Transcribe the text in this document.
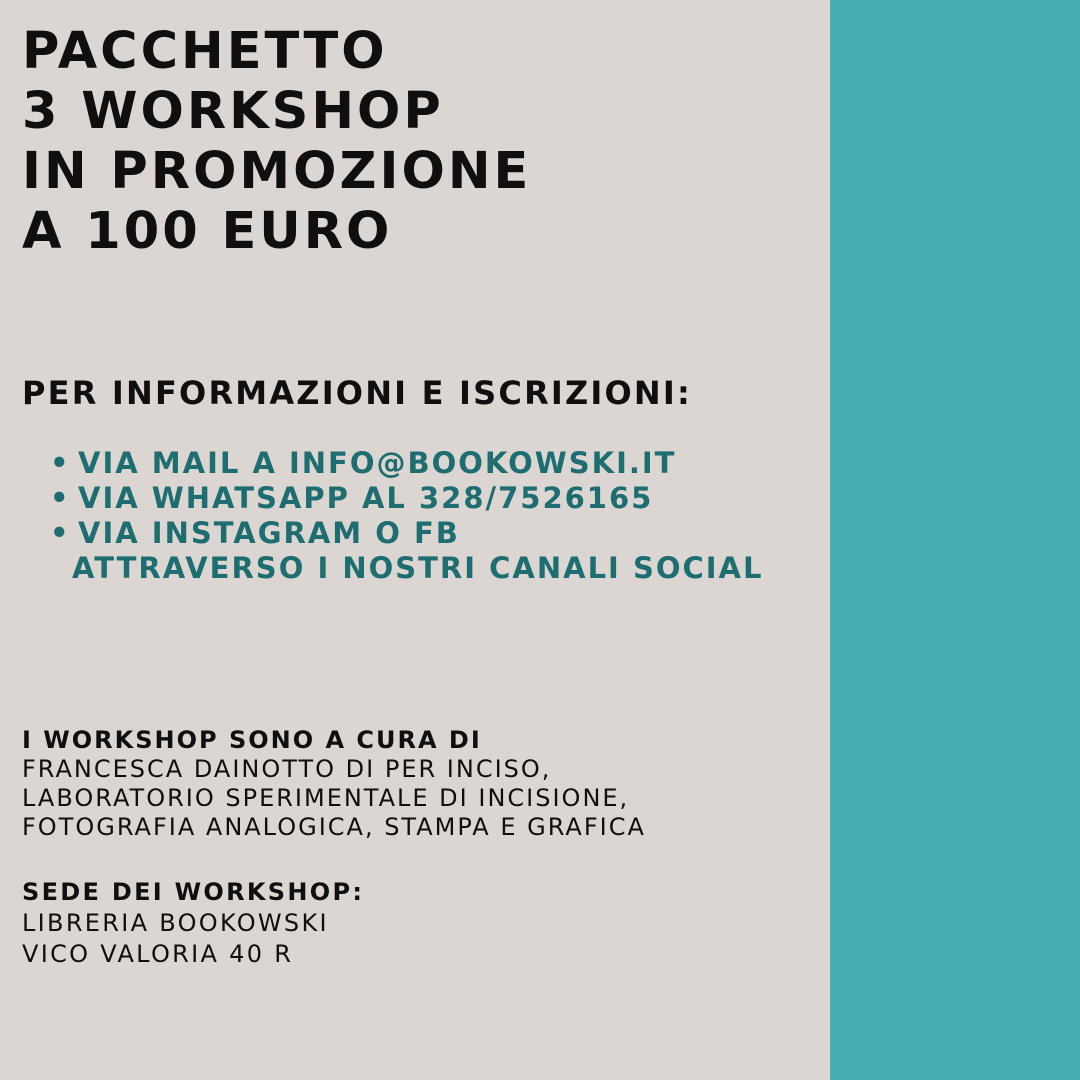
PACCHETTO
3 WORKSHOP
IN PROMOZIONE
A 100 EURO
PER INFORMAZIONI E ISCRIZIONI:
• VIA MAIL A INFO@BOOKOWSKI.IT
• VIA WHATSAPP AL 328/7526165
• VIA INSTAGRAM O FB
ATTRAVERSO I NOSTRI CANALI SOCIAL
I WORKSHOP SONO A CURA DI
FRANCESCA DAINOTTO DI PER INCISO,
LABORATORIO SPERIMENTALE DI INCISIONE,
FOTOGRAFIA ANALOGICA, STAMPA E GRAFICA
SEDE DEI WORKSHOP:
LIBRERIA BOOKOWSKI
VICO VALORIA 40 R
